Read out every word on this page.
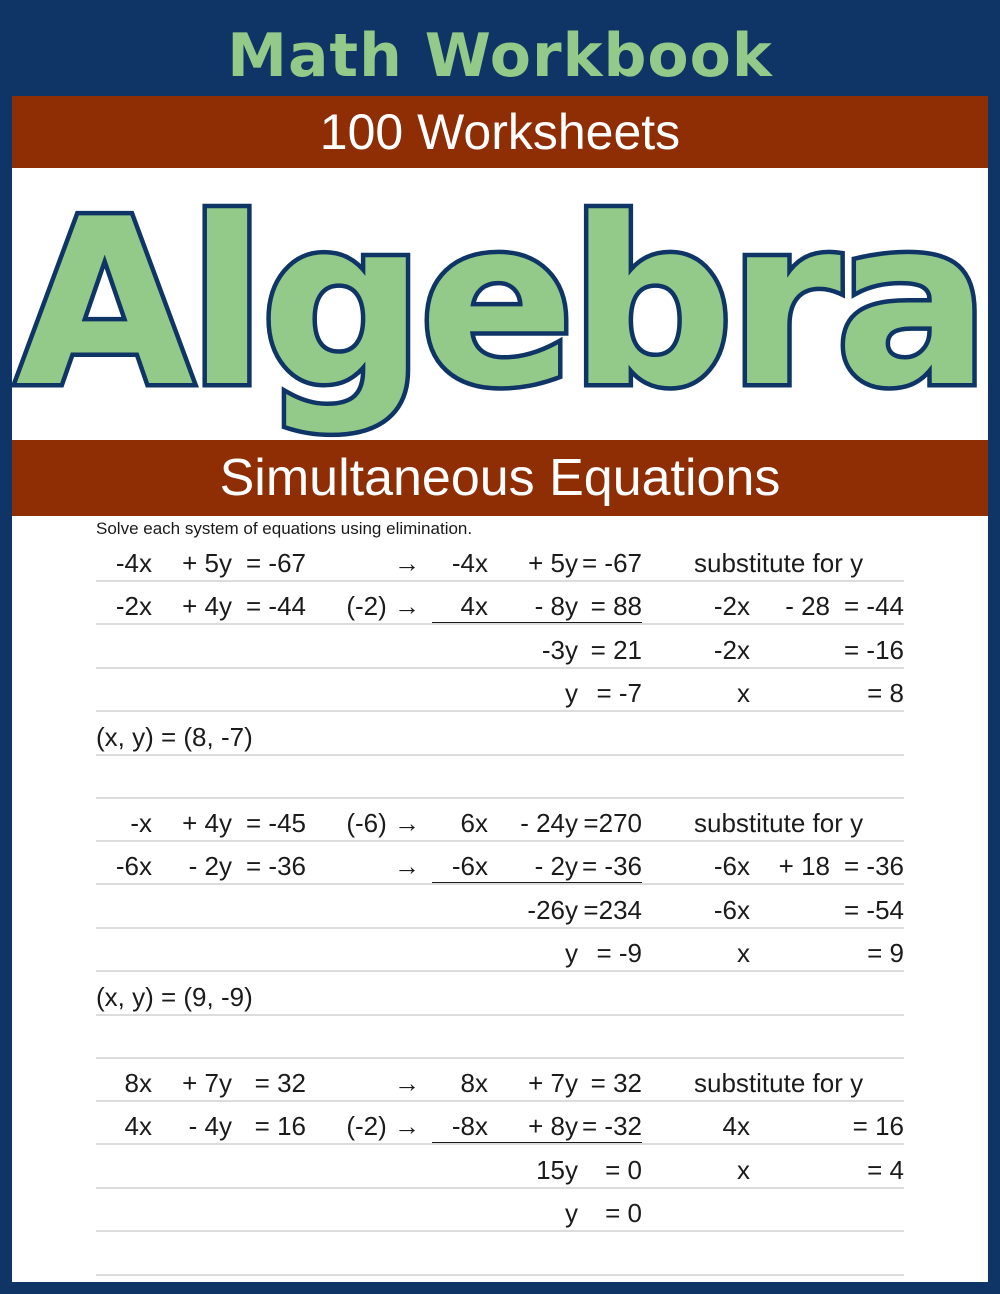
Math Workbook
100 Worksheets
Algebra
Simultaneous Equations
Solve each system of equations using elimination.
-4x + 5y = -67	→ -4x + 5y = -67 substitute for y
-2x + 4y = -44 (-2) → 4x - 8y = 88	-2x - 28 = -44
-3y = 21	-2x	= -16
y = -7	x	= 8
(x, y) = (8, -7)
-x + 4y = -45 (-6) → 6x - 24y =270 substitute for y
-6x - 2y = -36	→ -6x - 2y = -36	-6x + 18 = -36
-26y =234	-6x	= -54
y = -9	x	= 9
(x, y) = (9, -9)
8x + 7y = 32	→ 8x + 7y = 32 substitute for y
4x - 4y = 16 (-2) → -8x + 8y = -32	4x	= 16
15y = 0	x	= 4
y = 0
